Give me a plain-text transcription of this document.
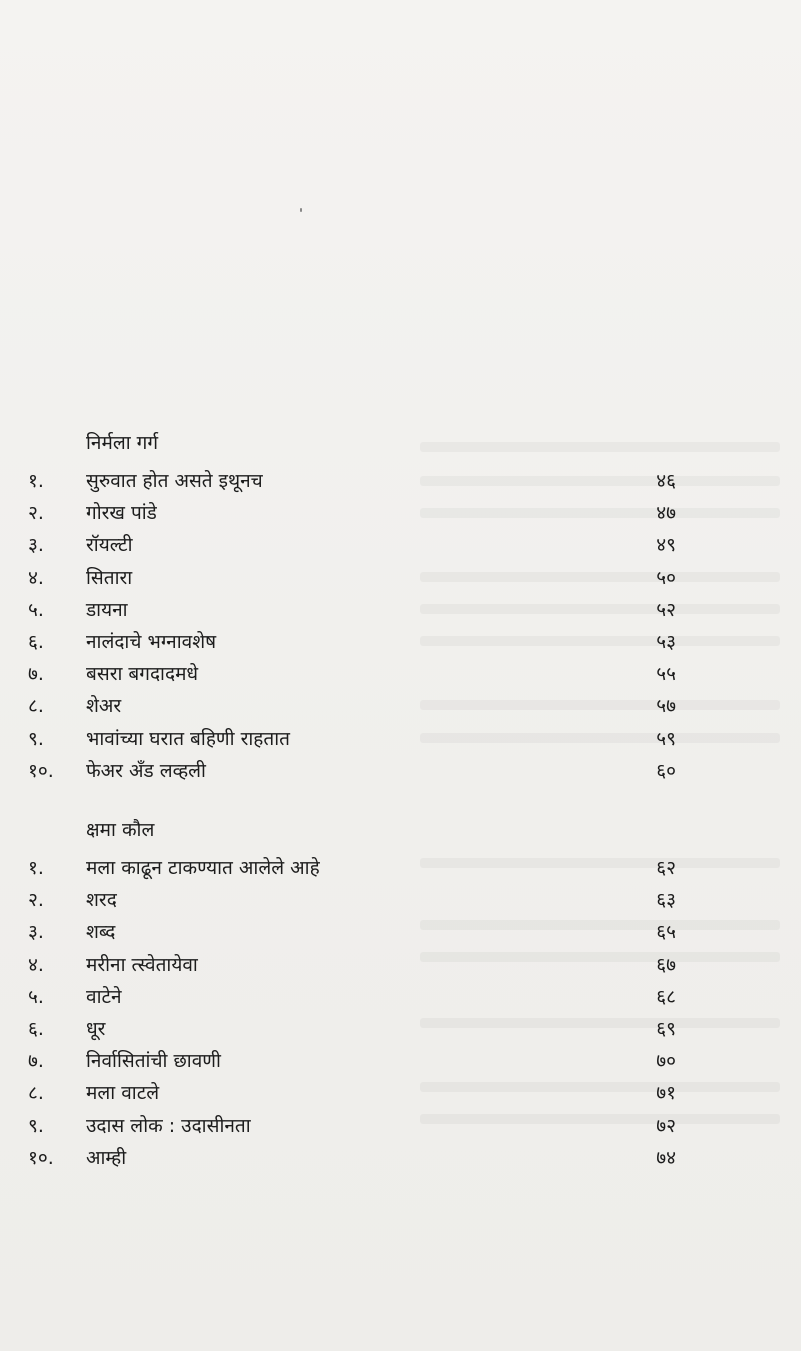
निर्मला गर्ग
१. सुरुवात होत असते इथूनच	४६
२. गोरख पांडे	४७
३. रॉयल्टी	४९
४. सितारा	५०
५. डायना	५२
६. नालंदाचे भग्नावशेष	५३
७. बसरा बगदादमधे	५५
८. शेअर	५७
९. भावांच्या घरात बहिणी राहतात	५९
१०. फेअर अँड लव्हली	६०
क्षमा कौल
१. मला काढून टाकण्यात आलेले आहे	६२
२. शरद	६३
३. शब्द	६५
४. मरीना त्स्वेतायेवा	६७
५. वाटेने	६८
६. धूर	६९
७. निर्वासितांची छावणी	७०
८. मला वाटले	७१
९. उदास लोक : उदासीनता	७२
१०. आम्ही	७४
